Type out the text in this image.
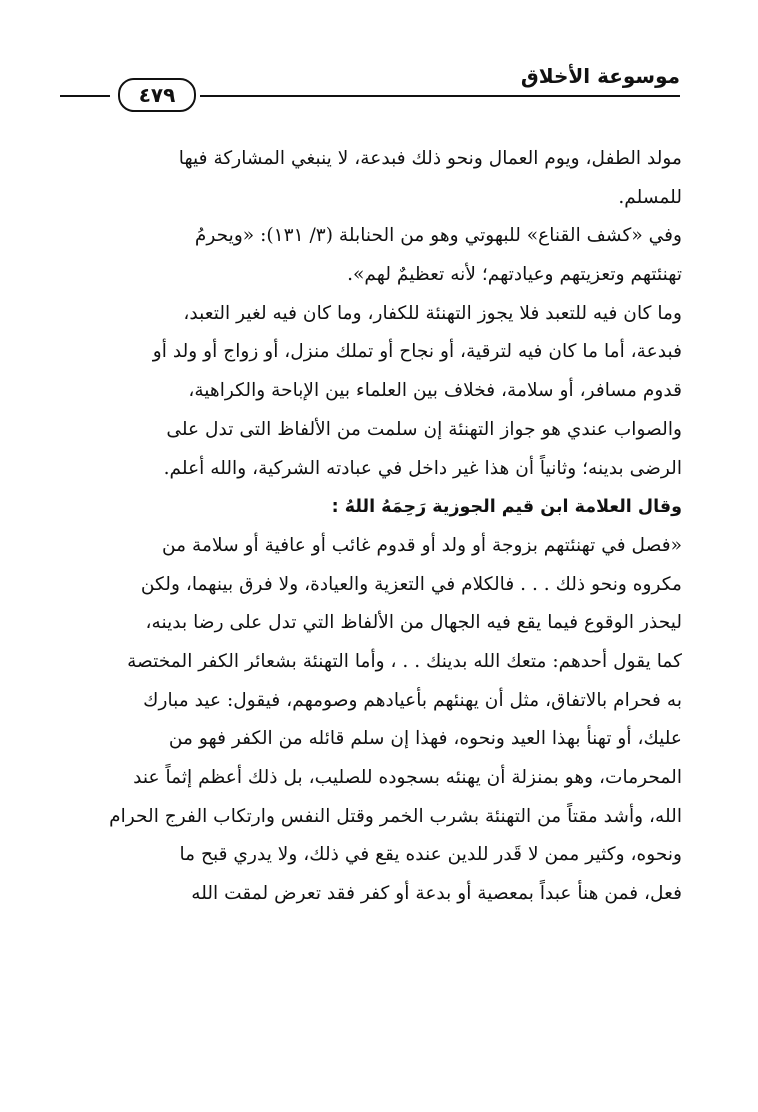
موسوعة الأخلاق
٤٧٩
مولد الطفل، ويوم العمال ونحو ذلك فبدعة، لا ينبغي المشاركة فيها
للمسلم.
وفي «كشف القناع» للبهوتي وهو من الحنابلة (٣/ ١٣١): «ويحرمُ
تهنئتهم وتعزيتهم وعيادتهم؛ لأنه تعظيمٌ لهم».
وما كان فيه للتعبد فلا يجوز التهنئة للكفار، وما كان فيه لغير التعبد،
فبدعة، أما ما كان فيه لترقية، أو نجاح أو تملك منزل، أو زواج أو ولد أو
قدوم مسافر، أو سلامة، فخلاف بين العلماء بين الإباحة والكراهية،
والصواب عندي هو جواز التهنئة إن سلمت من الألفاظ التى تدل على
الرضى بدينه؛ وثانياً أن هذا غير داخل في عبادته الشركية، والله أعلم.
وقال العلامة ابن قيم الجوزية رَحِمَهُ اللهُ :
«فصل في تهنئتهم بزوجة أو ولد أو قدوم غائب أو عافية أو سلامة من
مكروه ونحو ذلك . . . فالكلام في التعزية والعيادة، ولا فرق بينهما، ولكن
ليحذر الوقوع فيما يقع فيه الجهال من الألفاظ التي تدل على رضا بدينه،
كما يقول أحدهم: متعك الله بدينك . . ، وأما التهنئة بشعائر الكفر المختصة
به فحرام بالاتفاق، مثل أن يهنئهم بأعيادهم وصومهم، فيقول: عيد مبارك
عليك، أو تهنأ بهذا العيد ونحوه، فهذا إن سلم قائله من الكفر فهو من
المحرمات، وهو بمنزلة أن يهنئه بسجوده للصليب، بل ذلك أعظم إثماً عند
الله، وأشد مقتاً من التهنئة بشرب الخمر وقتل النفس وارتكاب الفرج الحرام
ونحوه، وكثير ممن لا قَدر للدين عنده يقع في ذلك، ولا يدري قبح ما
فعل، فمن هنأ عبداً بمعصية أو بدعة أو كفر فقد تعرض لمقت الله
